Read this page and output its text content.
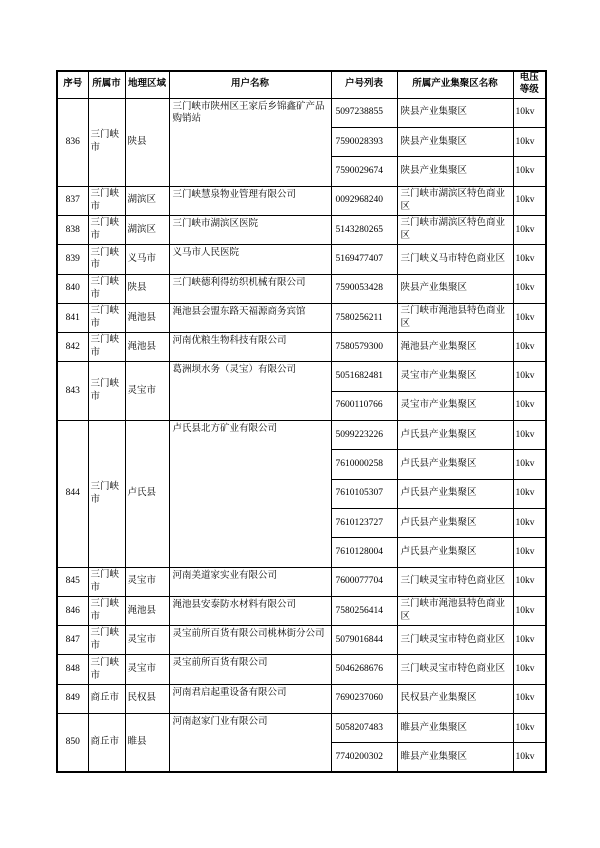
序号	所属市	地理区域	用户名称	户号列表	所属产业集聚区名称	电压等级
836	三门峡市	陕县	三门峡市陕州区王家后乡锦鑫矿产品购销站	5097238855	陕县产业集聚区	10kv
				7590028393	陕县产业集聚区	10kv
				7590029674	陕县产业集聚区	10kv
837	三门峡市	湖滨区	三门峡慧泉物业管理有限公司	0092968240	三门峡市湖滨区特色商业区	10kv
838	三门峡市	湖滨区	三门峡市湖滨区医院	5143280265	三门峡市湖滨区特色商业区	10kv
839	三门峡市	义马市	义马市人民医院	5169477407	三门峡义马市特色商业区	10kv
840	三门峡市	陕县	三门峡德利得纺织机械有限公司	7590053428	陕县产业集聚区	10kv
841	三门峡市	渑池县	渑池县会盟东路天福源商务宾馆	7580256211	三门峡市渑池县特色商业区	10kv
842	三门峡市	渑池县	河南优粮生物科技有限公司	7580579300	渑池县产业集聚区	10kv
843	三门峡市	灵宝市	葛洲坝水务（灵宝）有限公司	5051682481	灵宝市产业集聚区	10kv
				7600110766	灵宝市产业集聚区	10kv
844	三门峡市	卢氏县	卢氏县北方矿业有限公司	5099223226	卢氏县产业集聚区	10kv
				7610000258	卢氏县产业集聚区	10kv
				7610105307	卢氏县产业集聚区	10kv
				7610123727	卢氏县产业集聚区	10kv
				7610128004	卢氏县产业集聚区	10kv
845	三门峡市	灵宝市	河南美道家实业有限公司	7600077704	三门峡灵宝市特色商业区	10kv
846	三门峡市	渑池县	渑池县安泰防水材料有限公司	7580256414	三门峡市渑池县特色商业区	10kv
847	三门峡市	灵宝市	灵宝前所百货有限公司桃林街分公司	5079016844	三门峡灵宝市特色商业区	10kv
848	三门峡市	灵宝市	灵宝前所百货有限公司	5046268676	三门峡灵宝市特色商业区	10kv
849	商丘市	民权县	河南君启起重设备有限公司	7690237060	民权县产业集聚区	10kv
850	商丘市	睢县	河南赵家门业有限公司	5058207483	睢县产业集聚区	10kv
				7740200302	睢县产业集聚区	10kv
